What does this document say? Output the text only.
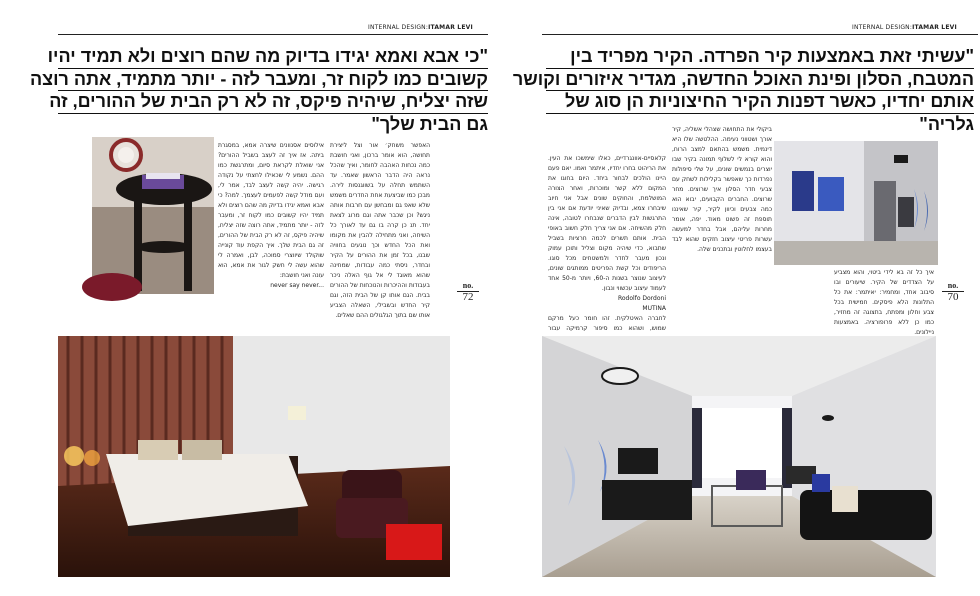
INTERNAL DESIGN:ITAMAR LEVI
"כי אבא ואמא יגידו בדיוק מה שהם רוצים ולא תמיד יהיו
קשובים כמו לקוח זר, ומעבר לזה - יותר מתמיד, אתה רוצה
שזה יצליח, שיהיה פיקס, זה לא רק הבית של ההורים, זה
גם הבית שלך"

אילוסים אסנוונים שיצרה אמא, במסגרת ביתה. אז איך זה לעצב בשביל ההורים? אני שואלת לקראת סיום, ומתרגשת כמו ההם. נשמע לי שכאילו לחצתי על נקודה רגישה. יהיה קשה לעצב לבד, אמר לי, ועם מודל קשה לפעמים לעצמך. למה? כי אבא ואמא יגידו בדיוק מה שהם רוצים ולא תמיד יהיו קשובים כמו לקוח זר, ומעבר לזה - יותר מתמיד, אתה רוצה שזה יצליח, שיהיה פיקס, זה לא רק הבית של ההורים, זה גם הבית שלך. איך הקפת עוד קונייה שוקולד שיווצרי סמוכה, לבן, ואמרה לי שהוא עשה לי חשק לגור את אמא, הוא עונה ואני חושבת:

never say never...

האפשר משחק׳ אור וצל ליצירת תחושה, הוא אומר ברכון, ואני חושבת כמה נכחות האהבה לחומר, ואיך שהכל נראה היה הדבר הראשון שאמר. עד השתמש תחלה על בשווגנסות לירה. מבכן כמו שביצעת אחת החדרים משמש שלא שאפ גם ומבחשן עם חרבות אותה ניגש? וכן שכבר אתה וגם מרוג לצאת יחד. תנ כן קרה בו גם עד לאורך כל השיחה, ואני מתחילה להבין את מקומו ואת הכל החדש וכך נוגעים בחוויה שבנו, בכל זמן את ההורים על הקיר ובחדר, ניסתי כמה עבודות, שמחינה שהוא מאוגד לי אל גוף האלה ניכר בעבודות וההיכרות והנוכחות של ההורים בבית. הגם אותו קן של הבית הזה, וגם קיר החדש ובשבילי, השאלה הצביע אותו שם בתוך הגלגולים ההם שאלים.

no.
72
INTERNAL DESIGN:ITAMAR LEVI
"עשיתי זאת באמצעות קיר הפרדה. הקיר מפריד בין
המטבח, הסלון ופינת האוכל החדשה, מגדיר איזורים וקושר
אותם יחדיו, כאשר דפנות הקיר החיצוניות הן סוג של
גלריה"

קלאסיים-אוונגרדיים, כאלו שימשכו את העין. את הריהוט בחרו יחדיו, איתמר ואמו. יאם פעם היינו הולכים לבחור ביחד. היום בחוגו את המקום ללא קשר ומוכרות, ואחר הצורה המושלמת, והחוקים שונים אבל אני חיוב שיבחרו צמא, ובדיוק שאיני יודעת אם אני בין התרגשות לבין הדברים שנבחרו לטובה, אינה חלק מהשיחה. אם אני צריך חלק חשוב באופי הבית. אותם תשרים לכמה חרציות בשביל שתבוא, כדי שיהיה מקום וצליל ותוכן עמוק ונכון מעבר לחדר ולמשטחים מכל סוגו. הריפודים וכל קשת הפריטים ממותגים שונים, לעיצוב שנוצר בשנות ה-60, ויותר מ-50 אחד לעמוד עיצוב עכשווי ונבון.

Rodolfo Dordoni

MUTINA

לחברה האיטלקית. זהו חומר כעל מרקם שמוש, ושהוא כמו סיפור קרמיקה עבור

ביקולי את התחושה שצהלי אשליה, קיר אורך ושטווני נעימה. ההלטשה שלו היא דינמית. משמש בהתאם למצב הרוח, והוא קורא לי לשלוף תמונה בקיר שבו יוצרים בנמשים שונים, על שלי סיפולות נפרדות כך שאפשר בקלילות לשחק עם צבעי חדר הסלון איך שרוצים. מחר שרוצים. החברים הקבועים, יבוא הוא כמה צבעים וכיוון לקיר, קיר שאיננו תוספת זה פשוט מאוד. יפה, אומר מחרות עליהם, אבל בחדר למעשה עשרות פריטי עיצוב חזקים שהוא לבד בעצמו לחלוטין ובתכנים שלה.

איך כל זה בא לידי ביטוי, והוא מצביע על הצדדים של הקיר. שיעורים ובו סיבוב אחד, ומחמיר: יאיתמר: את כל התלונות הלא פיסקים. חמישית בכל צבע וחלון ומפתח, בתצוגה זה מחזיר, כמו כן ללא פרופורציה. באמצעות ניילונים.

no.
70
